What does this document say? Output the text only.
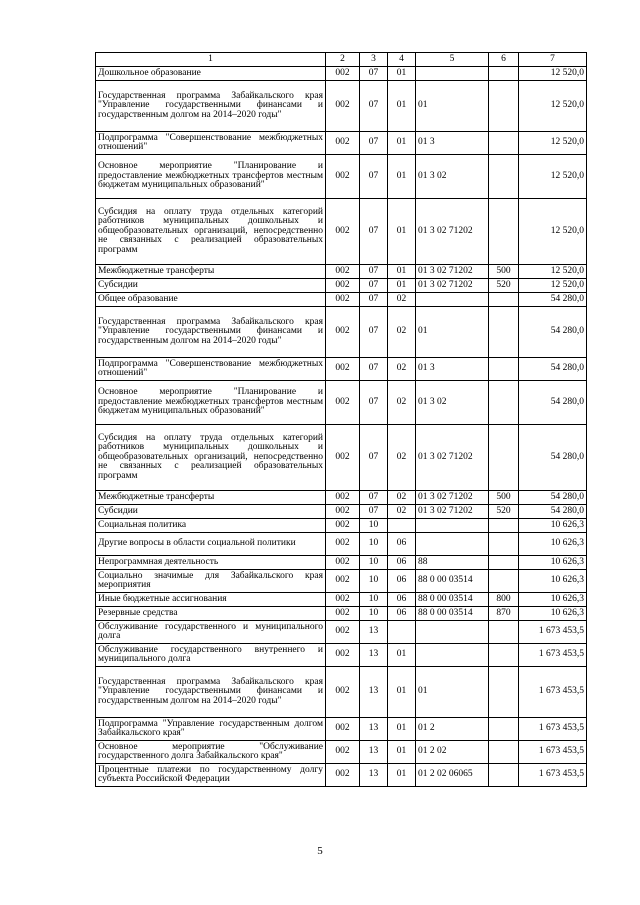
1	2	3	4	5	6	7
Дошкольное образование	002	07	01			12 520,0
Государственная программа Забайкальского края "Управление государственными финансами и государственным долгом на 2014–2020 годы"	002	07	01	01		12 520,0
Подпрограмма "Совершенствование межбюджетных отношений"	002	07	01	01 3		12 520,0
Основное мероприятие "Планирование и предоставление межбюджетных трансфертов местным бюджетам муниципальных образований"	002	07	01	01 3 02		12 520,0
Субсидия на оплату труда отдельных категорий работников муниципальных дошкольных и общеобразовательных организаций, непосредственно не связанных с реализацией образовательных программ	002	07	01	01 3 02 71202		12 520,0
Межбюджетные трансферты	002	07	01	01 3 02 71202	500	12 520,0
Субсидии	002	07	01	01 3 02 71202	520	12 520,0
Общее образование	002	07	02			54 280,0
Государственная программа Забайкальского края "Управление государственными финансами и государственным долгом на 2014–2020 годы"	002	07	02	01		54 280,0
Подпрограмма "Совершенствование межбюджетных отношений"	002	07	02	01 3		54 280,0
Основное мероприятие "Планирование и предоставление межбюджетных трансфертов местным бюджетам муниципальных образований"	002	07	02	01 3 02		54 280,0
Субсидия на оплату труда отдельных категорий работников муниципальных дошкольных и общеобразовательных организаций, непосредственно не связанных с реализацией образовательных программ	002	07	02	01 3 02 71202		54 280,0
Межбюджетные трансферты	002	07	02	01 3 02 71202	500	54 280,0
Субсидии	002	07	02	01 3 02 71202	520	54 280,0
Социальная политика	002	10				10 626,3
Другие вопросы в области социальной политики	002	10	06			10 626,3
Непрограммная деятельность	002	10	06	88		10 626,3
Социально значимые для Забайкальского края мероприятия	002	10	06	88 0 00 03514		10 626,3
Иные бюджетные ассигнования	002	10	06	88 0 00 03514	800	10 626,3
Резервные средства	002	10	06	88 0 00 03514	870	10 626,3
Обслуживание государственного и муниципального долга	002	13				1 673 453,5
Обслуживание государственного внутреннего и муниципального долга	002	13	01			1 673 453,5
Государственная программа Забайкальского края "Управление государственными финансами и государственным долгом на 2014–2020 годы"	002	13	01	01		1 673 453,5
Подпрограмма "Управление государственным долгом Забайкальского края"	002	13	01	01 2		1 673 453,5
Основное мероприятие "Обслуживание государственного долга Забайкальского края"	002	13	01	01 2 02		1 673 453,5
Процентные платежи по государственному долгу субъекта Российской Федерации	002	13	01	01 2 02 06065		1 673 453,5
5
